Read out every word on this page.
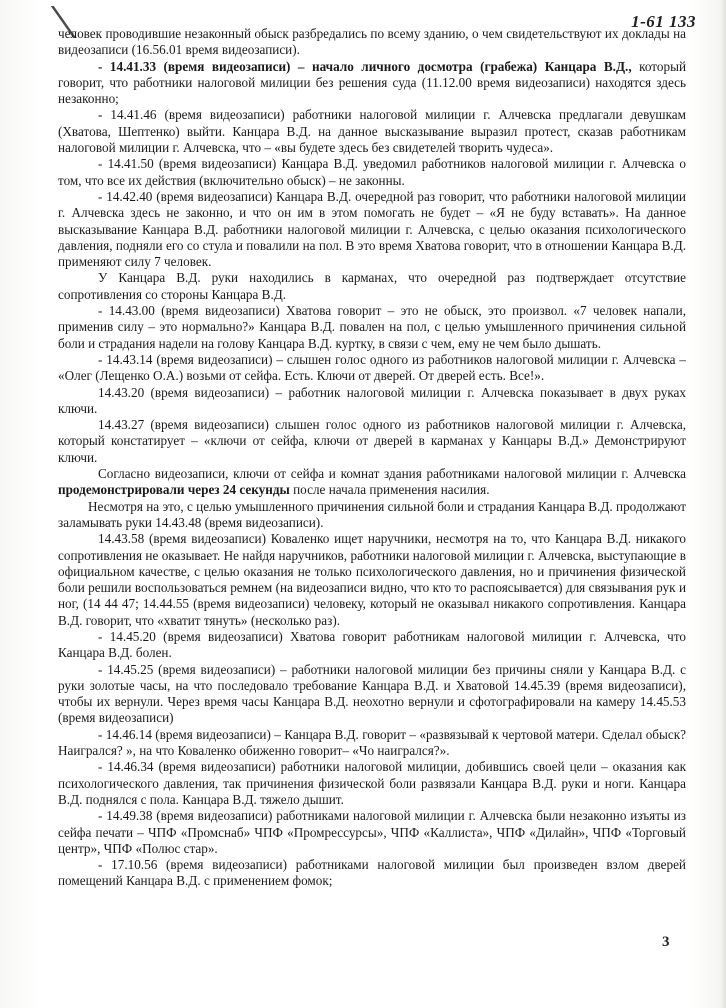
1-61 133

человек проводившие незаконный обыск разбредались по всему зданию, о чем свидетельствуют их доклады на видеозаписи (16.56.01 время видеозаписи).

- 14.41.33 (время видеозаписи) – начало личного досмотра (грабежа) Канцара В.Д., который говорит, что работники налоговой милиции без решения суда (11.12.00 время видеозаписи) находятся здесь незаконно;

- 14.41.46 (время видеозаписи) работники налоговой милиции г. Алчевска предлагали девушкам (Хватова, Шептенко) выйти. Канцара В.Д. на данное высказывание выразил протест, сказав работникам налоговой милиции г. Алчевска, что – «вы будете здесь без свидетелей творить чудеса».

- 14.41.50 (время видеозаписи) Канцара В.Д. уведомил работников налоговой милиции г. Алчевска о том, что все их действия (включительно обыск) – не законны.

- 14.42.40 (время видеозаписи) Канцара В.Д. очередной раз говорит, что работники налоговой милиции г. Алчевска здесь не законно, и что он им в этом помогать не будет – «Я не буду вставать». На данное высказывание Канцара В.Д. работники налоговой милиции г. Алчевска, с целью оказания психологического давления, подняли его со стула и повалили на пол. В это время Хватова говорит, что в отношении Канцара В.Д. применяют силу 7 человек.

У Канцара В.Д. руки находились в карманах, что очередной раз подтверждает отсутствие сопротивления со стороны Канцара В.Д.

- 14.43.00 (время видеозаписи) Хватова говорит – это не обыск, это произвол. «7 человек напали, применив силу – это нормально?» Канцара В.Д. повален на пол, с целью умышленного причинения сильной боли и страдания надели на голову Канцара В.Д. куртку, в связи с чем, ему не чем было дышать.

- 14.43.14 (время видеозаписи) – слышен голос одного из работников налоговой милиции г. Алчевска – «Олег (Лещенко О.А.) возьми от сейфа. Есть. Ключи от дверей. От дверей есть. Все!».

14.43.20 (время видеозаписи) – работник налоговой милиции г. Алчевска показывает в двух руках ключи.

14.43.27 (время видеозаписи) слышен голос одного из работников налоговой милиции г. Алчевска, который констатирует – «ключи от сейфа, ключи от дверей в карманах у Канцары В.Д.» Демонстрируют ключи.

Согласно видеозаписи, ключи от сейфа и комнат здания работниками налоговой милиции г. Алчевска продемонстрировали через 24 секунды после начала применения насилия.

Несмотря на это, с целью умышленного причинения сильной боли и страдания Канцара В.Д. продолжают заламывать руки 14.43.48 (время видеозаписи).

14.43.58 (время видеозаписи) Коваленко ищет наручники, несмотря на то, что Канцара В.Д. никакого сопротивления не оказывает. Не найдя наручников, работники налоговой милиции г. Алчевска, выступающие в официальном качестве, с целью оказания не только психологического давления, но и причинения физической боли решили воспользоваться ремнем (на видеозаписи видно, что кто то распоясывается) для связывания рук и ног, (14 44 47; 14.44.55 (время видеозаписи) человеку, который не оказывал никакого сопротивления. Канцара В.Д. говорит, что «хватит тянуть» (несколько раз).

- 14.45.20 (время видеозаписи) Хватова говорит работникам налоговой милиции г. Алчевска, что Канцара В.Д. болен.

- 14.45.25 (время видеозаписи) – работники налоговой милиции без причины сняли у Канцара В.Д. с руки золотые часы, на что последовало требование Канцара В.Д. и Хватовой 14.45.39 (время видеозаписи), чтобы их вернули. Через время часы Канцара В.Д. неохотно вернули и сфотографировали на камеру 14.45.53 (время видеозаписи)

- 14.46.14 (время видеозаписи) – Канцара В.Д. говорит – «развязывай к чертовой матери. Сделал обыск? Наигрался? », на что Коваленко обиженно говорит– «Чо наигрался?».

- 14.46.34 (время видеозаписи) работники налоговой милиции, добившись своей цели – оказания как психологического давления, так причинения физической боли развязали Канцара В.Д. руки и ноги. Канцара В.Д. поднялся с пола. Канцара В.Д. тяжело дышит.

- 14.49.38 (время видеозаписи) работниками налоговой милиции г. Алчевска были незаконно изъяты из сейфа печати – ЧПФ «Промснаб» ЧПФ «Промрессурсы», ЧПФ «Каллиста», ЧПФ «Дилайн», ЧПФ «Торговый центр», ЧПФ «Полюс стар».

- 17.10.56 (время видеозаписи) работниками налоговой милиции был произведен взлом дверей помещений Канцара В.Д. с применением фомок;

3
